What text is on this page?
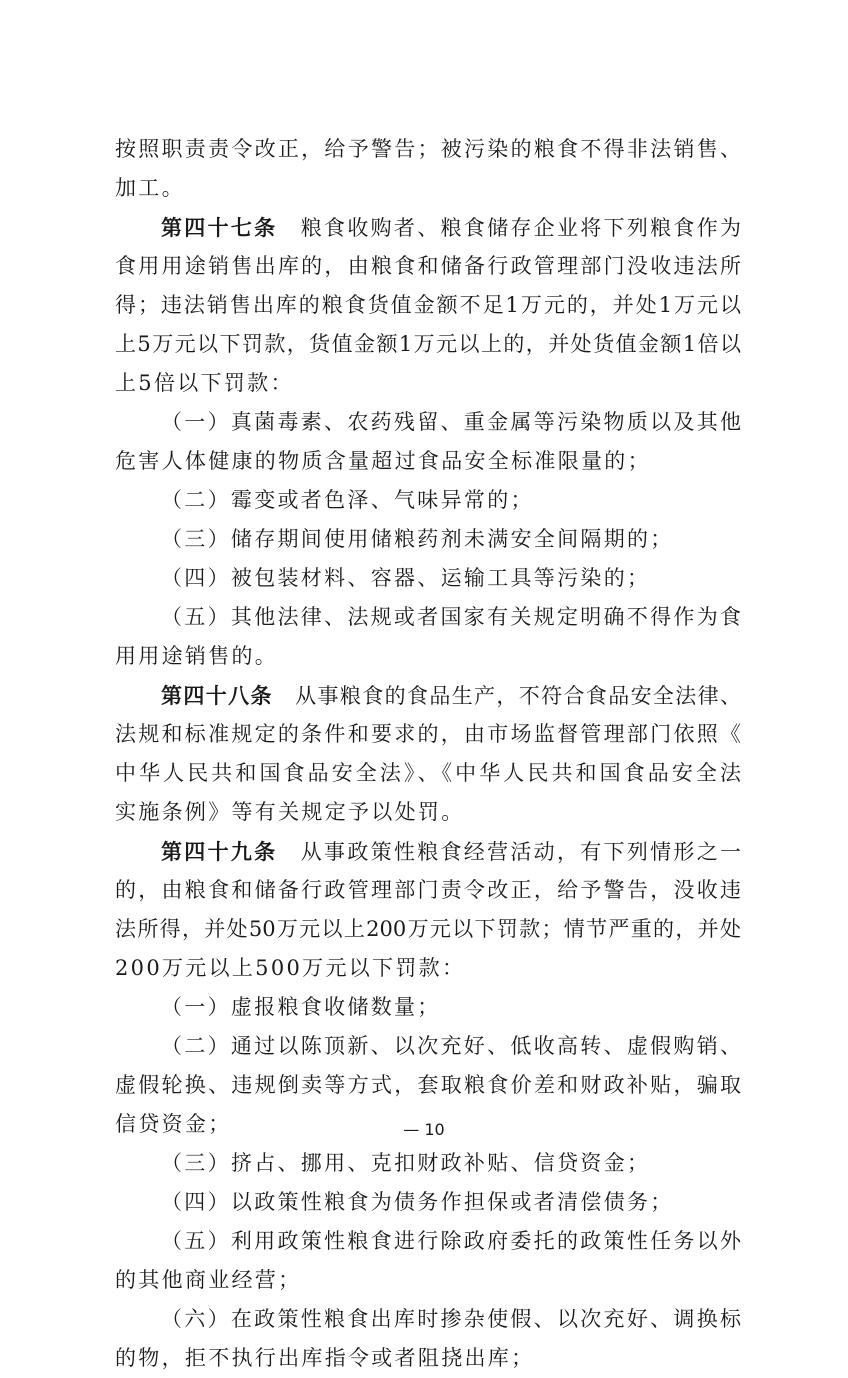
按照职责责令改正，给予警告；被污染的粮食不得非法销售、
加工。
第四十七条　粮食收购者、粮食储存企业将下列粮食作为
食用用途销售出库的，由粮食和储备行政管理部门没收违法所
得；违法销售出库的粮食货值金额不足1万元的，并处1万元以
上5万元以下罚款，货值金额1万元以上的，并处货值金额1倍以
上5倍以下罚款：
（一）真菌毒素、农药残留、重金属等污染物质以及其他
危害人体健康的物质含量超过食品安全标准限量的；
（二）霉变或者色泽、气味异常的；
（三）储存期间使用储粮药剂未满安全间隔期的；
（四）被包装材料、容器、运输工具等污染的；
（五）其他法律、法规或者国家有关规定明确不得作为食
用用途销售的。
第四十八条　从事粮食的食品生产，不符合食品安全法律、
法规和标准规定的条件和要求的，由市场监督管理部门依照《
中华人民共和国食品安全法》、《中华人民共和国食品安全法
实施条例》等有关规定予以处罚。
第四十九条　从事政策性粮食经营活动，有下列情形之一
的，由粮食和储备行政管理部门责令改正，给予警告，没收违
法所得，并处50万元以上200万元以下罚款；情节严重的，并处
200万元以上500万元以下罚款：
（一）虚报粮食收储数量；
（二）通过以陈顶新、以次充好、低收高转、虚假购销、
虚假轮换、违规倒卖等方式，套取粮食价差和财政补贴，骗取
信贷资金；
（三）挤占、挪用、克扣财政补贴、信贷资金；
（四）以政策性粮食为债务作担保或者清偿债务；
（五）利用政策性粮食进行除政府委托的政策性任务以外
的其他商业经营；
（六）在政策性粮食出库时掺杂使假、以次充好、调换标
的物，拒不执行出库指令或者阻挠出库；
— 10
